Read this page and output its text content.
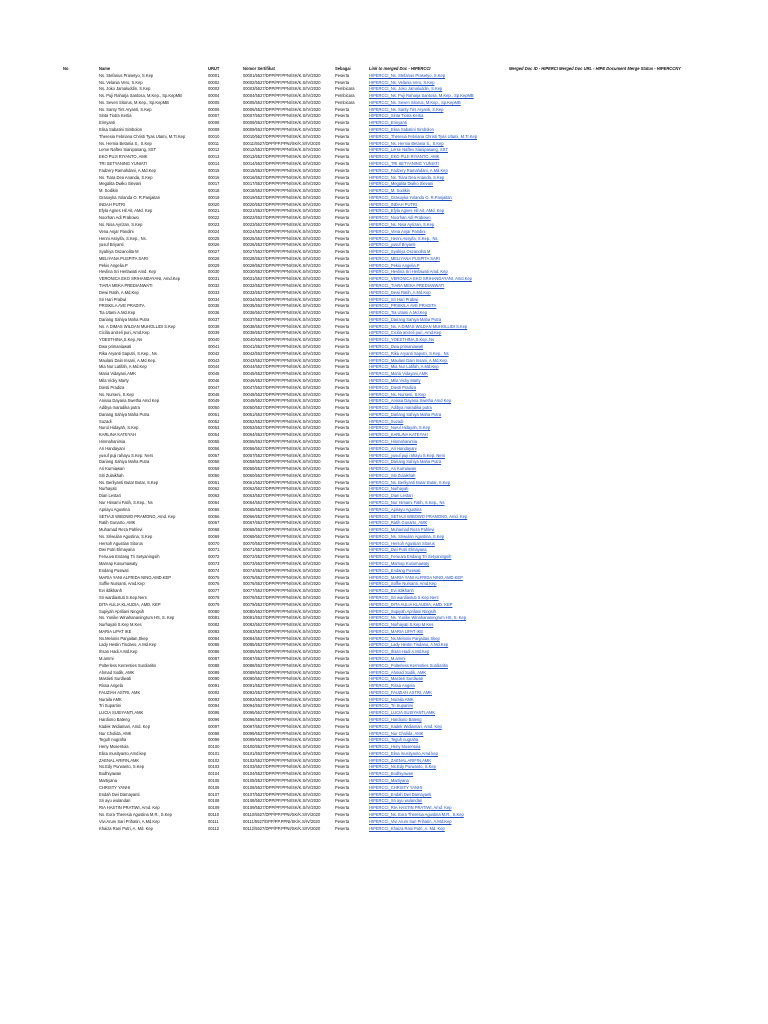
No	Name	URUT	Nomor Sertifikat	Sebagai	Link to merged Doc - HIPERCCI	Merged Doc ID - HIPERCI Merged Doc URL - HIPE Document Merge Status - HIPERCCNY
	Ns. Stefanus Prasetyo, S.Kep	00001	00001/5527/DPP/PP.PPNI/SK/K.S/IV/2020	Peserta	HIPERCCI_Ns. Stefanus Prasetyo, S.Kep	
	Ns. Velania Vero, S.Kep	00002	00002/5527/DPP/PP.PPNI/SK/K.S/IV/2020	Peserta	HIPERCCI_Ns. Velania Vero, S.Kep	
	Ns. Joko Jamaluddin, S.Kep	00003	00003/5527/DPP/PP.PPNI/SK/K.S/IV/2020	Pembicara	HIPERCCI_Ns. Joko Jamaluddin, S.Kep	
	Ns. Puji Raharja Santosa, M.Kep., Sp.KepMB	00004	00004/5527/DPP/PP.PPNI/SK/K.S/IV/2020	Pembicara	HIPERCCI_Ns. Puji Raharja Santosa, M.Kep., Sp.KepMB	
	Ns. Seven Sitorus, M.Kep., Sp.KepMB	00005	00005/5527/DPP/PP.PPNI/SK/K.S/IV/2020	Pembicara	HIPERCCI_Ns. Seven Sitorus, M.Kep., Sp.KepMB	
	Ns. Santy Tirs Aryanti, S.Kep	00006	00006/5527/DPP/PP.PPNI/SK/K.S/IV/2020	Peserta	HIPERCCI_Ns. Santy Tirs Aryanti, S.Kep	
	Sinta Tiotra Kertia	00007	00007/5527/DPP/PP.PPNI/SK/K.S/IV/2020	Peserta	HIPERCCI_Sinta Tiotra Kertia	
	Erinyanti	00008	00008/5527/DPP/PP.PPNI/SK/K.S/IV/2020	Peserta	HIPERCCI_Erinyanti	
	Elisa Sabatini Simbolon	00009	00009/5527/DPP/PP.PPNI/SK/K.S/IV/2020	Peserta	HIPERCCI_Elisa Sabatini Simbolon	
	Theresia Febriana Christi Tyas Utami, M.Tr.Kep	00010	00010/5527/DPP/PP.PPNI/SK/K.S/IV/2020	Peserta	HIPERCCI_Theresia Febriana Christi Tyas Utami, M.Tr.Kep	
	Ns. Hernia Betania S., S.Kep	00011	00011/5527/DPP/PP.PPNI/SK/K.S/IV/2020	Peserta	HIPERCCI_Ns. Hernia Betania S., S.Kep	
	Lerse Naftex Sianipasang, SST	00012	00012/5527/DPP/PP.PPNI/SK/K.S/IV/2020	Peserta	HIPERCCI_Lerse Naftex Sianipasang, SST	
	EKO PUJI RIYANTO, AMK	00013	00013/5527/DPP/PP.PPNI/SK/K.S/IV/2020	Peserta	HIPERCCI_EKO PUJI RIYANTO, AMK	
	TRI SETYANING YUNIATI	00014	00014/5527/DPP/PP.PPNI/SK/K.S/IV/2020	Peserta	HIPERCCI_TRI SETYANING YUNIATI	
	Fadzery Ramahdani, A.Md.Kep	00015	00015/5527/DPP/PP.PPNI/SK/K.S/IV/2020	Peserta	HIPERCCI_Fadzery Ramahdani, A.Md.Kep	
	Ns. Tiara Dea Ananda, S.Kep	00016	00016/5527/DPP/PP.PPNI/SK/K.S/IV/2020	Peserta	HIPERCCI_Ns. Tiara Dea Ananda, S.Kep	
	Megalita Dwiko Slevani	00017	00017/5527/DPP/PP.PPNI/SK/K.S/IV/2020	Peserta	HIPERCCI_Megalita Dwiko Slevani	
	M. Sodikin	00018	00018/5527/DPP/PP.PPNI/SK/K.S/IV/2020	Peserta	HIPERCCI_M. Sodikin	
	Grasoyka Yolanda O. R.Panjaitan	00019	00019/5527/DPP/PP.PPNI/SK/K.S/IV/2020	Peserta	HIPERCCI_Grasoyka Yolanda O. R.Panjaitan	
	INDAH PUTRI	00020	00020/5527/DPP/PP.PPNI/SK/K.S/IV/2020	Peserta	HIPERCCI_INDAH PUTRI	
	Efyla Agnes Hil Ait, AMd. Kep	00021	00021/5527/DPP/PP.PPNI/SK/K.S/IV/2020	Peserta	HIPERCCI_Efyla Agnes Hil Ait, AMd. Kep	
	Noorhan Adi Prabowo	00022	00022/5527/DPP/PP.PPNI/SK/K.S/IV/2020	Peserta	HIPERCCI_Noorhan Adi Prabowo	
	Ns. Nisa Ayrizan, S.Kep	00023	00023/5527/DPP/PP.PPNI/SK/K.S/IV/2020	Peserta	HIPERCCI_Ns. Nisa Ayrizan, S.Kep	
	Vena Anjar Pandini	00024	00024/5527/DPP/PP.PPNI/SK/K.S/IV/2020	Peserta	HIPERCCI_Vena Anjar Pandini	
	Henni Assyifa, S.Kep., Ns.	00025	00025/5527/DPP/PP.PPNI/SK/K.S/IV/2020	Peserta	HIPERCCI_Henni Assyifa, S.Kep., Ns.	
	yusuf Briyanti	00026	00026/5527/DPP/PP.PPNI/SK/K.S/IV/2020	Peserta	HIPERCCI_yusuf Briyanti	
	Syahiya Oszanolita M	00027	00027/5527/DPP/PP.PPNI/SK/K.S/IV/2020	Peserta	HIPERCCI_Syahiya Oszanolita M	
	MELIYANA PUSPITA SARI	00028	00028/5527/DPP/PP.PPNI/SK/K.S/IV/2020	Peserta	HIPERCCI_MELIYANA PUSPITA SARI	
	Pekio Angelia.P	00029	00029/5527/DPP/PP.PPNI/SK/K.S/IV/2020	Peserta	HIPERCCI_Pekio Angelia.P	
	Hevlina Sri Herlawati Amd. Kep	00030	00030/5527/DPP/PP.PPNI/SK/K.S/IV/2020	Peserta	HIPERCCI_Hevlina Sri Herlawati Amd. Kep	
	VERONICA EKO SRIHANDAYANI, Amd.Kep	00031	00031/5527/DPP/PP.PPNI/SK/K.S/IV/2020	Peserta	HIPERCCI_VERONICA EKO SRIHANDAYANI, Amd.Kep	
	TIARA MEKA PREDIANWATI	00032	00032/5527/DPP/PP.PPNI/SK/K.S/IV/2020	Peserta	HIPERCCI_TIARA MEKA PREDIANWATI	
	Dewi Ratih, A.Md.Kep	00033	00033/5527/DPP/PP.PPNI/SK/K.S/IV/2020	Peserta	HIPERCCI_Dewi Ratih, A.Md.Kep	
	Sri Hari Prabwi	00034	00034/5527/DPP/PP.PPNI/SK/K.S/IV/2020	Peserta	HIPERCCI_Sri Hari Prabwi	
	PRISKILA AVE PRADITA	00035	00035/5527/DPP/PP.PPNI/SK/K.S/IV/2020	Peserta	HIPERCCI_PRISKILA AVE PRADITA	
	Tia Utami A.Md.Kep	00036	00036/5527/DPP/PP.PPNI/SK/K.S/IV/2020	Peserta	HIPERCCI_Tia Utami A.Md.Kep	
	Dariang Sahiya Maha Putra	00037	00037/5527/DPP/PP.PPNI/SK/K.S/IV/2020	Peserta	HIPERCCI_Dariang Sahiya Maha Putra	
	Ns. A DIMAS WILDAN MUHOLLIDI S.Kep	00038	00038/5527/DPP/PP.PPNI/SK/K.S/IV/2020	Peserta	HIPERCCI_Ns. A DIMAS WILDAN MUHOLLIDI S.Kep	
	Cicilia anizeli puri, Amd.Kep	00039	00039/5527/DPP/PP.PPNI/SK/K.S/IV/2020	Peserta	HIPERCCI_Cicilia anizeli puri, Amd.Kep	
	YOESTHINA,S.Kep.,Ns	00040	00040/5527/DPP/PP.PPNI/SK/K.S/IV/2020	Peserta	HIPERCCI_YOESTHINA,S.Kep.,Ns	
	Dwa primaniawati	00041	00041/5527/DPP/PP.PPNI/SK/K.S/IV/2020	Peserta	HIPERCCI_Dwa primaniawati	
	Rika Aryanti Saputri, S.Kep., Ns	00042	00042/5527/DPP/PP.PPNI/SK/K.S/IV/2020	Peserta	HIPERCCI_Rika Aryanti Saputri, S.Kep., Ns	
	Maulani Dain Insani, A.Md.Kep.	00043	00043/5527/DPP/PP.PPNI/SK/K.S/IV/2020	Peserta	HIPERCCI_Maulani Dain Insani, A.Md.Kep.	
	Mia Nur Latifah, A.Md.Kep	00044	00044/5527/DPP/PP.PPNI/SK/K.S/IV/2020	Peserta	HIPERCCI_Mia Nur Latifah, A.Md.Kep	
	Maria Vidayani,AMK	00045	00045/5527/DPP/PP.PPNI/SK/K.S/IV/2020	Peserta	HIPERCCI_Maria Vidayani,AMK	
	Mila Vicky Marty	00046	00046/5527/DPP/PP.PPNI/SK/K.S/IV/2020	Peserta	HIPERCCI_Mila Vicky Marty	
	Diesti Pradiza	00047	00047/5527/DPP/PP.PPNI/SK/K.S/IV/2020	Peserta	HIPERCCI_Diesti Pradiza	
	Ns. Nurseni, S.Kep	00048	00048/5527/DPP/PP.PPNI/SK/K.S/IV/2020	Peserta	HIPERCCI_Ns. Nurseni, S.Kep	
	Anissa Dayana Swetha Amd Kep	00049	00049/5527/DPP/PP.PPNI/SK/K.S/IV/2020	Peserta	HIPERCCI_Anissa Dayana Swetha Amd Kep	
	Adibya maradika putra	00050	00050/5527/DPP/PP.PPNI/SK/K.S/IV/2020	Peserta	HIPERCCI_Adibya maradika putra	
	Dariang Sahiya Maha Putra	00051	00051/5527/DPP/PP.PPNI/SK/K.S/IV/2020	Peserta	HIPERCCI_Dariang Sahiya Maha Putra	
	Suzadi	00052	00052/5527/DPP/PP.PPNI/SK/K.S/IV/2020	Peserta	HIPERCCI_Suzadi	
	Nurul Hidayah, S.Kep	00053	00053/5527/DPP/PP.PPNI/SK/K.S/IV/2020	Peserta	HIPERCCI_Nurul Hidayah, S.Kep	
	KARLINA KATEYAH	00054	00054/5527/DPP/PP.PPNI/SK/K.S/IV/2020	Peserta	HIPERCCI_KARLINA KATEYAH	
	Hinmahanirsia	00055	00055/5527/DPP/PP.PPNI/SK/K.S/IV/2020	Peserta	HIPERCCI_Hinmahanirsia	
	Ari Handayani	00056	00056/5527/DPP/PP.PPNI/SK/K.S/IV/2020	Peserta	HIPERCCI_Ari Handayani	
	yusuf puji rahayu S.Kep. Ners	00057	00057/5527/DPP/PP.PPNI/SK/K.S/IV/2020	Peserta	HIPERCCI_yusuf puji rahayu S.Kep. Ners	
	Dariang Sahiya Maha Putra	00058	00058/5527/DPP/PP.PPNI/SK/K.S/IV/2020	Peserta	HIPERCCI_Dariang Sahiya Maha Putra	
	Ari Kurniawan	00059	00059/5527/DPP/PP.PPNI/SK/K.S/IV/2020	Peserta	HIPERCCI_Ari Kurniawan	
	Siti Zulaikhah	00060	00060/5527/DPP/PP.PPNI/SK/K.S/IV/2020	Peserta	HIPERCCI_Siti Zulaikhah	
	Ns. Berliyanti Butar Butar, S.Kep	00061	00061/5527/DPP/PP.PPNI/SK/K.S/IV/2020	Peserta	HIPERCCI_Ns. Berliyanti Butar Butar, S.Kep	
	Nurhayati	00062	00062/5527/DPP/PP.PPNI/SK/K.S/IV/2020	Peserta	HIPERCCI_Nurhayati	
	Dian Lestari	00063	00063/5527/DPP/PP.PPNI/SK/K.S/IV/2020	Peserta	HIPERCCI_Dian Lestari	
	Nur Himami Fatih, S.Kep., Ns	00064	00064/5527/DPP/PP.PPNI/SK/K.S/IV/2020	Peserta	HIPERCCI_Nur Himami Fatih, S.Kep., Ns	
	Apriayu Agustina	00065	00065/5527/DPP/PP.PPNI/SK/K.S/IV/2020	Peserta	HIPERCCI_Apriayu Agustina	
	SETIAJI WIBOWO PRAMONO, Amd. Kep	00066	00066/5527/DPP/PP.PPNI/SK/K.S/IV/2020	Peserta	HIPERCCI_SETIAJI WIBOWO PRAMONO, Amd. Kep	
	Ratih Gunarto, AMK	00067	00067/5527/DPP/PP.PPNI/SK/K.S/IV/2020	Peserta	HIPERCCI_Ratih Gunarto, AMK	
	Muhamad Reza Pahlevi	00068	00068/5527/DPP/PP.PPNI/SK/K.S/IV/2020	Peserta	HIPERCCI_Muhamad Reza Pahlevi	
	Ns. Sriwulan Agustina, S.Kep	00069	00069/5527/DPP/PP.PPNI/SK/K.S/IV/2020	Peserta	HIPERCCI_Ns. Sriwulan Agustina, S.Kep	
	Hersoh Agustian Sitorus	00070	00070/5527/DPP/PP.PPNI/SK/K.S/IV/2020	Peserta	HIPERCCI_Hersoh Agustian Sitorus	
	Dwi Putri Elmayana	00071	00071/5527/DPP/PP.PPNI/SK/K.S/IV/2020	Peserta	HIPERCCI_Dwi Putri Elmayana	
	Feruuva Endang Tri Setyaningsih	00072	00072/5527/DPP/PP.PPNI/SK/K.S/IV/2020	Peserta	HIPERCCI_Feruuva Endang Tri Setyaningsih	
	Marnap Kusumawaty	00073	00073/5527/DPP/PP.PPNI/SK/K.S/IV/2020	Peserta	HIPERCCI_Marnap Kusumawaty	
	Endang Puswati	00074	00074/5527/DPP/PP.PPNI/SK/K.S/IV/2020	Peserta	HIPERCCI_Endang Puswati	
	MARIA YANI ALFRIDA NINO,AMD.KEP	00075	00075/5527/DPP/PP.PPNI/SK/K.S/IV/2020	Peserta	HIPERCCI_MARIA YANI ALFRIDA NINO,AMD.KEP	
	Soffie Nursanti, Amd.Kep	00076	00076/5527/DPP/PP.PPNI/SK/K.S/IV/2020	Peserta	HIPERCCI_Soffie Nursanti, Amd.Kep	
	Evi ildikhanh	00077	00077/5527/DPP/PP.PPNI/SK/K.S/IV/2020	Peserta	HIPERCCI_Evi ildikhanh	
	Sri wardiastuti S.Kep.Ners	00078	00078/5527/DPP/PP.PPNI/SK/K.S/IV/2020	Peserta	HIPERCCI_Sri wardiastuti S.Kep.Ners	
	DITA AULIA KLAUDIA, AMD. KEP	00079	00079/5527/DPP/PP.PPNI/SK/K.S/IV/2020	Peserta	HIPERCCI_DITA AULIA KLAUDIA, AMD. KEP	
	Supiyah Apriliani Ningsih	00080	00080/5527/DPP/PP.PPNI/SK/K.S/IV/2020	Peserta	HIPERCCI_Supiyah Apriliani Ningsih	
	Ns. Yunike Winahananingrum HS, S. Kep	00081	00081/5527/DPP/PP.PPNI/SK/K.S/IV/2020	Peserta	HIPERCCI_Ns. Yunike Winahananingrum HS, S. Kep	
	Nurhayati S.Kep M.Kes	00082	00082/5527/DPP/PP.PPNI/SK/K.S/IV/2020	Peserta	HIPERCCI_Nurhayati S.Kep M.Kes	
	MARIA LIPAT IKE	00083	00083/5527/DPP/PP.PPNI/SK/K.S/IV/2020	Peserta	HIPERCCI_MARIA LIPAT IKE	
	Ns.Melonis Panjaitan,Skep	00084	00084/5527/DPP/PP.PPNI/SK/K.S/IV/2020	Peserta	HIPERCCI_Ns.Melonis Panjaitan,Skep	
	Lady Hestin Tindano, A.Md.Kep	00085	00085/5527/DPP/PP.PPNI/SK/K.S/IV/2020	Peserta	HIPERCCI_Lady Hestin Tindano, A.Md.Kep	
	Ihsan Hadi A.Md.Kep	00086	00086/5527/DPP/PP.PPNI/SK/K.S/IV/2020	Peserta	HIPERCCI_Ihsan Hadi A.Md.Kep	
	M.ammi	00087	00087/5527/DPP/PP.PPNI/SK/K.S/IV/2020	Peserta	HIPERCCI_M.ammi	
	Polterless Kerrenties Surdiaritis	00088	00088/5527/DPP/PP.PPNI/SK/K.S/IV/2020	Peserta	HIPERCCI_Polterless Kerrenties Surdiaritis	
	Ahmad Sodik, AMK	00089	00089/5527/DPP/PP.PPNI/SK/K.S/IV/2020	Peserta	HIPERCCI_Ahmad Sodik, AMK	
	Mastieti Surdiwati	00090	00090/5527/DPP/PP.PPNI/SK/K.S/IV/2020	Peserta	HIPERCCI_Mastieti Surdiwati	
	Rissa Angela	00091	00091/5527/DPP/PP.PPNI/SK/K.S/IV/2020	Peserta	HIPERCCI_Rissa Angela	
	FAUZIAH ASTRI, AMK	00092	00092/5527/DPP/PP.PPNI/SK/K.S/IV/2020	Peserta	HIPERCCI_FAUZIAH ASTRI, AMK	
	Nuraila AMK	00093	00093/5527/DPP/PP.PPNI/SK/K.S/IV/2020	Peserta	HIPERCCI_Nuraila AMK	
	Tri Supartini	00094	00094/5527/DPP/PP.PPNI/SK/K.S/IV/2020	Peserta	HIPERCCI_Tri Supartini	
	LUCIA SUSIYANTI,AMK	00095	00095/5527/DPP/PP.PPNI/SK/K.S/IV/2020	Peserta	HIPERCCI_LUCIA SUSIYANTI,AMK	
	Hardiono Bateng	00096	00096/5527/DPP/PP.PPNI/SK/K.S/IV/2020	Peserta	HIPERCCI_Hardiono Bateng	
	Kadek Widiamari, Amd. Kep	00097	00097/5527/DPP/PP.PPNI/SK/K.S/IV/2020	Peserta	HIPERCCI_Kadek Widiamari, Amd. Kep	
	Nur Cholida, AMK	00098	00098/5527/DPP/PP.PPNI/SK/K.S/IV/2020	Peserta	HIPERCCI_Nur Cholida, AMK	
	Teguh nugraha	00099	00099/5527/DPP/PP.PPNI/SK/K.S/IV/2020	Peserta	HIPERCCI_Teguh nugraha	
	Heny Musentoia	00100	00100/5527/DPP/PP.PPNI/SK/K.S/IV/2020	Peserta	HIPERCCI_Heny Musentoia	
	Elisa musityanto,Amd.kep	00101	00101/5527/DPP/PP.PPNI/SK/K.S/IV/2020	Peserta	HIPERCCI_Elisa musityanto,Amd.kep	
	ZAENAL ARIFIN,AMK	00102	00102/5527/DPP/PP.PPNI/SK/K.S/IV/2020	Peserta	HIPERCCI_ZAENAL ARIFIN,AMK	
	Ns.Edy Purwanto, S.Kep	00103	00103/5527/DPP/PP.PPNI/SK/K.S/IV/2020	Peserta	HIPERCCI_Ns.Edy Purwanto, S.Kep	
	Bodhiyawan	00104	00104/5527/DPP/PP.PPNI/SK/K.S/IV/2020	Peserta	HIPERCCI_Bodhiyawan	
	Martiyana	00105	00105/5527/DPP/PP.PPNI/SK/K.S/IV/2020	Peserta	HIPERCCI_Martiyana	
	CHRISTY YANHI	00106	00106/5527/DPP/PP.PPNI/SK/K.S/IV/2020	Peserta	HIPERCCI_CHRISTY YANHI	
	Endah Dwi Damayanti	00107	00107/5527/DPP/PP.PPNI/SK/K.S/IV/2020	Peserta	HIPERCCI_Endah Dwi Damayanti	
	Sri ayu wulandari	00108	00108/5527/DPP/PP.PPNI/SK/K.S/IV/2020	Peserta	HIPERCCI_Sri ayu wulandari	
	RIA HASTIN PRATIWI, Amd. Kep	00109	00109/5527/DPP/PP.PPNI/SK/K.S/IV/2020	Peserta	HIPERCCI_RIA HASTIN PRATIWI, Amd. Kep	
	Ns. Eora Theresia Agustina M.R., S.Kep	00110	00110/5527/DPP/PP.PPNI/SK/K.S/IV/2020	Peserta	HIPERCCI_Ns. Eora Theresia Agustina M.R., S.Kep	
	Vivi Arum Sari Prihatin, A.Md.Kep	00111	00111/5527/DPP/PP.PPNI/SK/K.S/IV/2020	Peserta	HIPERCCI_Vivi Arum Sari Prihatin, A.Md.Kep	
	Khaiza Rani Putri, A. Md. Kep	00112	00112/5527/DPP/PP.PPNI/SK/K.S/IV/2020	Peserta	HIPERCCI_Khaiza Rani Putri, A. Md. Kep	
